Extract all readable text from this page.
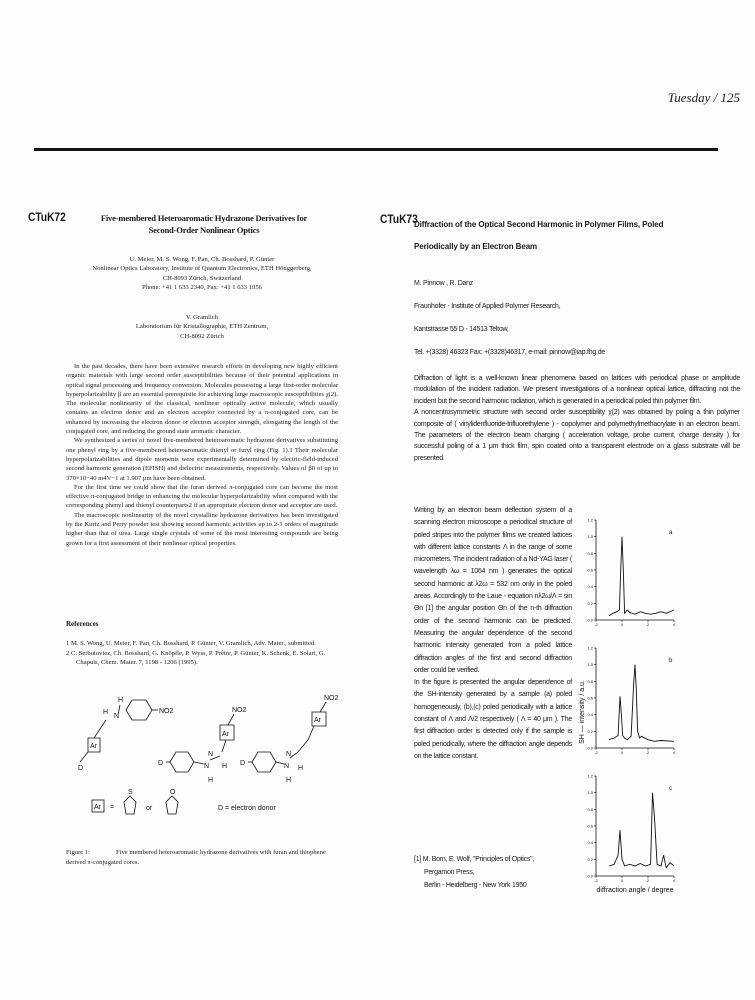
Tuesday / 125
CTuK72	Five-membered Heteroaromatic Hydrazone Derivatives for
Second-Order Nonlinear Optics
U. Meier, M. S. Wong, F. Pan, Ch. Bosshard, P. Günter
Nonlinear Optics Laboratory, Institute of Quantum Electronics, ETH Hönggerberg,
CH-8093 Zürich, Switzerland
Phone: +41 1 633 2340, Fax: +41 1 633 1056
V. Gramlich
Laboratorium für Kristallographie, ETH Zentrum,
CH-8092 Zürich

In the past decades, there have been extensive research efforts in developing new highly efficient organic materials with large second order susceptibilities because of their potential applications in optical signal processing and frequency conversion. Molecules possessing a large first-order molecular hyperpolarizability β are an essential prerequisite for achieving large macroscopic susceptibilities χ(2). The molecular nonlinearity of the classical, nonlinear optically active molecule, which usually contains an electron donor and an electron acceptor connected by a π-conjugated core, can be enhanced by increasing the electron donor or electron acceptor strength, elongating the length of the conjugated core, and reducing the ground state aromatic character.

We synthesized a series of novel five-membered heteroaromatic hydrazone derivatives substituting one phenyl ring by a five-membered heteroaromatic thienyl or furyl ring (Fig. 1).1 Their molecular hyperpolarizabilities and dipole moments were experimentally determined by electric-field-induced second harmonic generation (EFISH) and dielectric measurements, respectively. Values of β0 of up to 370×10−40 m4V−1 at 1.907 μm have been obtained.

For the first time we could show that the furan derived π-conjugated core can become the most effective π-conjugated bridge in enhancing the molecular hyperpolarizability when compared with the corresponding phenyl and thienyl counterparts2 if an appropriate electron donor and acceptor are used.

The macroscopic nonlinearity of the novel crystalline hydrazone derivatives has been investigated by the Kurtz and Perry powder test showing second harmonic activities up to 2-3 orders of magnitude higher than that of urea. Large single crystals of some of the most interesting compounds are being grown for a first assessment of their nonlinear optical properties.

References
1 M. S. Wong, U. Meier, F. Pan, Ch. Bosshard, P. Günter, V. Gramlich, Adv. Mater., submitted.
2 C. Serbutoviez, Ch. Bosshard, G. Knöpfle, P. Wyss, P. Prêtre, P. Günter, K. Schenk, E. Solari, G. Chapuis, Chem. Mater. 7, 1198 - 1206 (1995).
Ar
D
N
H
H	NO2
D	N
H
N
H
Ar
NO2
D	N
H
N
H
Ar
NO2
Ar =
S
or
O
D = electron donor
Figure 1:	Five membered heteroaromatic hydrazone derivatives with furan and thiophene derived π-conjugated cores.
CTuK73
Diffraction of the Optical Second Harmonic in Polymer Films, Poled
Periodically by an Electron Beam
M. Pinnow , R. Danz
Fraunhofer - Institute of Applied Polymer Research,
Kantstrasse 55 D - 14513 Teltow,
Tel. +(3328) 46323 Fax: +(3328)46317, e-mail: pinnow@iap.fhg.de

Diffraction of light is a well-known linear phenomena based on lattices with periodical phase or amplitude modulation of the incident radiation. We present investigations of a nonlinear optical lattice, diffracting not the incident but the second harmonic radiation, which is generated in a periodical poled thin polymer film.

A noncentrosymmetric structure with second order susceptibility χ(2) was obtained by poling a thin polymer composite of ( vinylidenfluoride-trifluorethylene ) - copolymer and polymethylmethacrylate in an electron beam. The parameters of the electron beam charging ( acceleration voltage, probe current, charge density ) for successful poling of a 1 μm thick film, spin coated onto a transparent electrode on a glass substrate will be presented.

Writing by an electron beam deflection system of a scanning electron microscope a periodical structure of poled stripes into the polymer films we created lattices with different lattice constants Λ in the range of some micrometers. The incident radiation of a Nd-YAG laser ( wavelength λω = 1064 nm ) generates the optical second harmonic at λ2ω = 532 nm only in the poled areas. Accordingly to the Laue - equation nλ2ω/Λ = sin Θn [1] the angular position Θn of the n-th diffraction order of the second harmonic can be predicted. Measuring the angular dependence of the second harmonic intensity generated from a poled lattice diffraction angles of the first and second diffraction order could be verified.

In the figure is presented the angular dependence of the SH-intensity generated by a sample (a) poled homogeneously, (b),(c) poled periodically with a lattice constant of Λ and Λ/2 respectively ( Λ = 40 μm ). The first diffraction order is detected only if the sample is poled periodically, where the diffraction angle depends on the lattice constant.

[1] M. Born, E. Wolf, "Principles of Optics",
Pergamon Press,
Berlin - Heidelberg - New York 1950
0.0
0.2
0.4
0.6
0.8
1.0
1.2
-2	0	2	4
a
0.0
0.2
0.4
0.6
0.8
1.0
1.2
-2	0	2	4
b
0.0
0.2
0.4
0.6
0.8
1.0
1.2
-2	0	2	4
c
SH — intensity / a.u.
diffraction angle / degree
